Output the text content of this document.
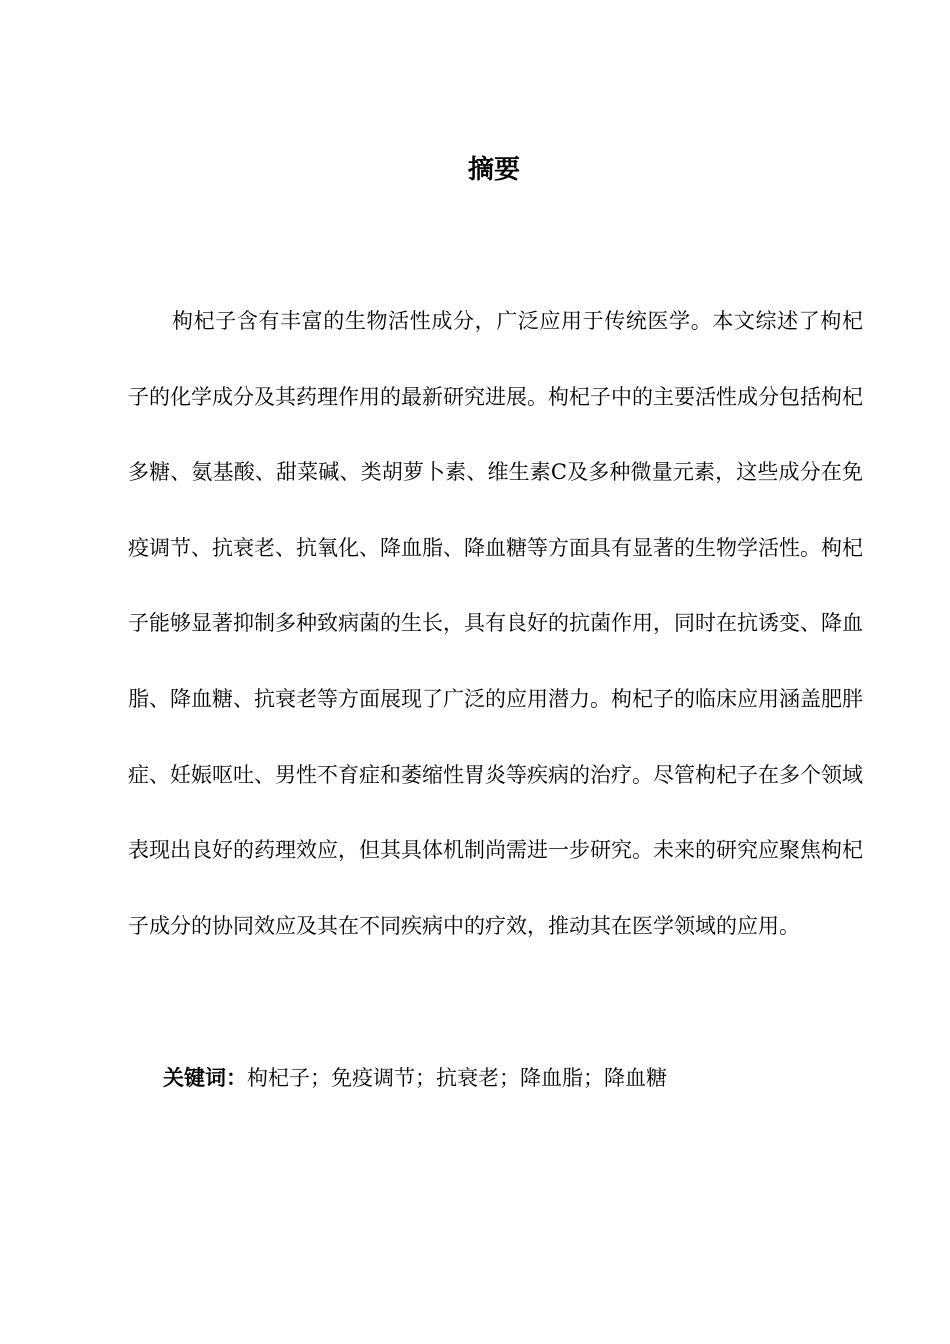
摘要

枸杞子含有丰富的生物活性成分，广泛应用于传统医学。本文综述了枸杞子的化学成分及其药理作用的最新研究进展。枸杞子中的主要活性成分包括枸杞多糖、氨基酸、甜菜碱、类胡萝卜素、维生素C及多种微量元素，这些成分在免疫调节、抗衰老、抗氧化、降血脂、降血糖等方面具有显著的生物学活性。枸杞子能够显著抑制多种致病菌的生长，具有良好的抗菌作用，同时在抗诱变、降血脂、降血糖、抗衰老等方面展现了广泛的应用潜力。枸杞子的临床应用涵盖肥胖症、妊娠呕吐、男性不育症和萎缩性胃炎等疾病的治疗。尽管枸杞子在多个领域表现出良好的药理效应，但其具体机制尚需进一步研究。未来的研究应聚焦枸杞子成分的协同效应及其在不同疾病中的疗效，推动其在医学领域的应用。

关键词：枸杞子；免疫调节；抗衰老；降血脂；降血糖
